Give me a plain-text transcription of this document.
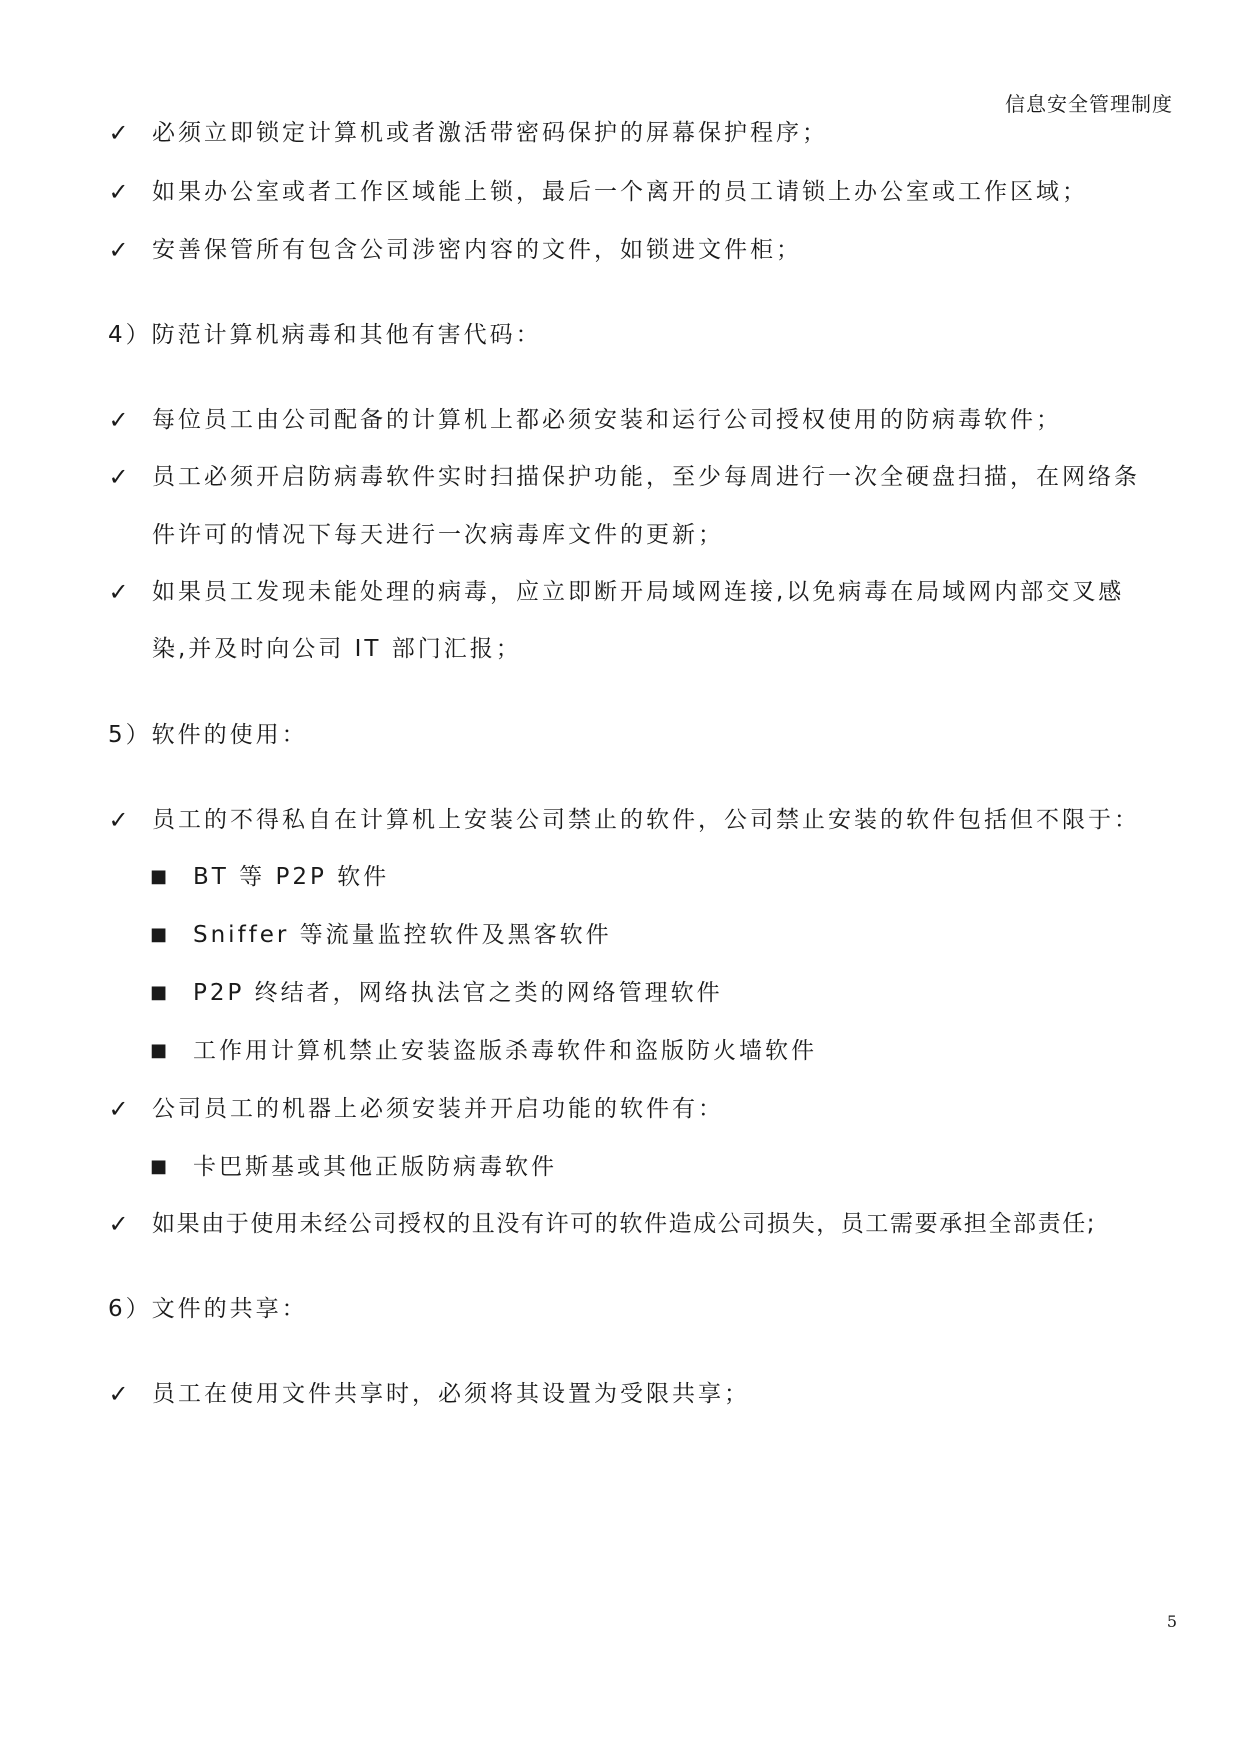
信息安全管理制度
✓ 必须立即锁定计算机或者激活带密码保护的屏幕保护程序；
✓ 如果办公室或者工作区域能上锁，最后一个离开的员工请锁上办公室或工作区域；
✓ 安善保管所有包含公司涉密内容的文件，如锁进文件柜；
4）防范计算机病毒和其他有害代码：
✓ 每位员工由公司配备的计算机上都必须安装和运行公司授权使用的防病毒软件；
✓ 员工必须开启防病毒软件实时扫描保护功能，至少每周进行一次全硬盘扫描，在网络条
件许可的情况下每天进行一次病毒库文件的更新；
✓ 如果员工发现未能处理的病毒，应立即断开局域网连接,以免病毒在局域网内部交叉感
染,并及时向公司 IT 部门汇报；
5）软件的使用：
✓ 员工的不得私自在计算机上安装公司禁止的软件，公司禁止安装的软件包括但不限于：
■ BT 等 P2P 软件
■ Sniffer 等流量监控软件及黑客软件
■ P2P 终结者，网络执法官之类的网络管理软件
■ 工作用计算机禁止安装盗版杀毒软件和盗版防火墙软件
✓ 公司员工的机器上必须安装并开启功能的软件有：
■ 卡巴斯基或其他正版防病毒软件
✓ 如果由于使用未经公司授权的且没有许可的软件造成公司损失，员工需要承担全部责任;
6）文件的共享：
✓ 员工在使用文件共享时，必须将其设置为受限共享；
5
